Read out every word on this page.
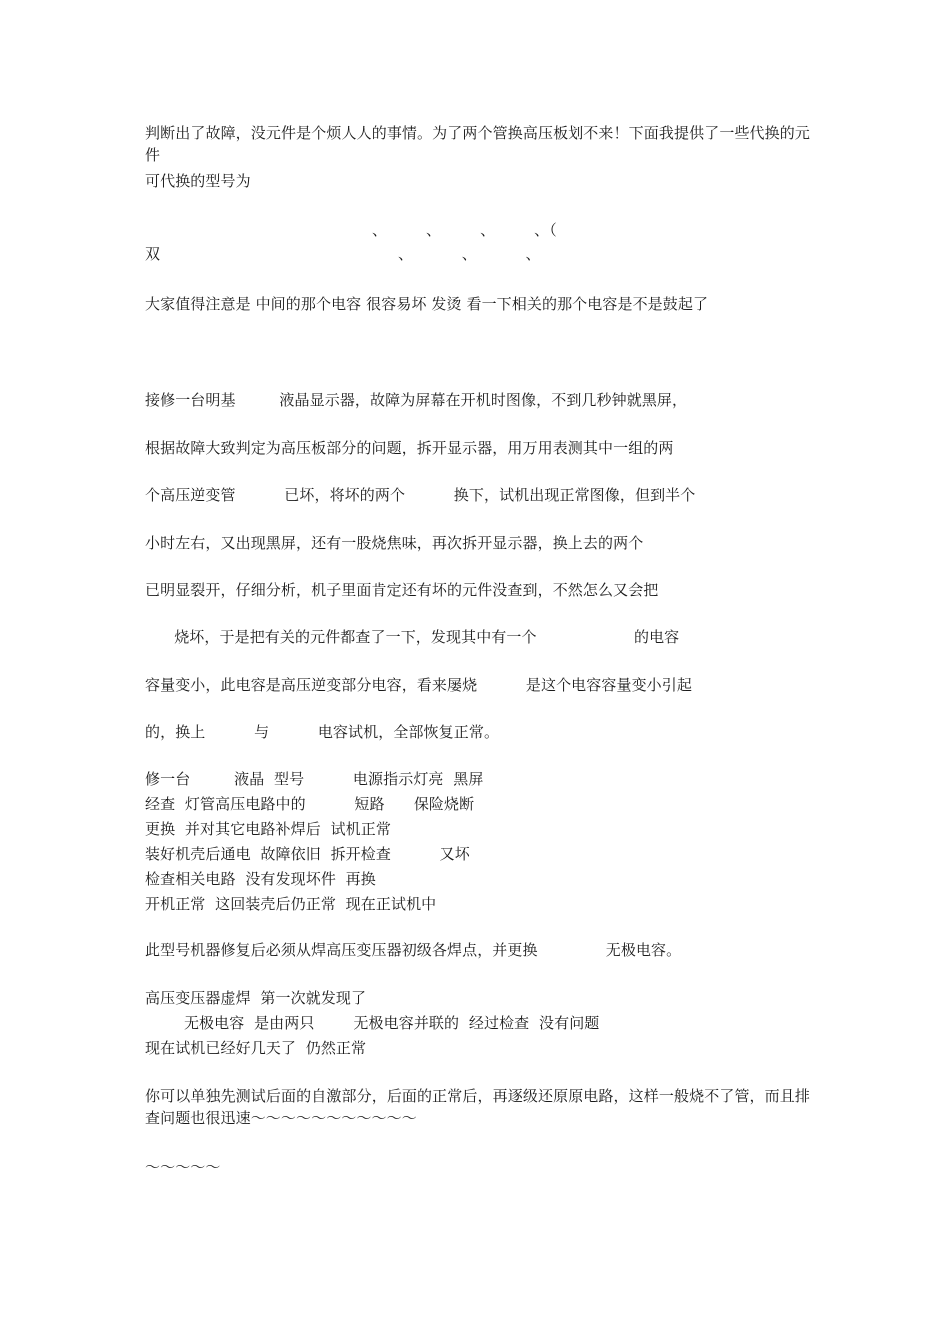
判断出了故障，没元件是个烦人人的事情。为了两个管换高压板划不来！下面我提供了一些代换的元件
可代换的型号为
、        、        、        、（
双	、          、          、
大家值得注意是 中间的那个电容 很容易坏 发烫 看一下相关的那个电容是不是鼓起了
接修一台明基         液晶显示器，故障为屏幕在开机时图像，不到几秒钟就黑屏，
根据故障大致判定为高压板部分的问题，拆开显示器，用万用表测其中一组的两
个高压逆变管          已坏，将坏的两个          换下，试机出现正常图像，但到半个
小时左右，又出现黑屏，还有一股烧焦味，再次拆开显示器，换上去的两个
已明显裂开，仔细分析，机子里面肯定还有坏的元件没查到，不然怎么又会把
烧坏，于是把有关的元件都查了一下，发现其中有一个                    的电容
容量变小，此电容是高压逆变部分电容，看来屡烧          是这个电容容量变小引起
的，换上          与          电容试机，全部恢复正常。
修一台         液晶  型号          电源指示灯亮  黑屏
经查  灯管高压电路中的          短路      保险烧断
更换  并对其它电路补焊后  试机正常
装好机壳后通电  故障依旧  拆开检查          又坏
检查相关电路  没有发现坏件  再换
开机正常  这回装壳后仍正常  现在正试机中
此型号机器修复后必须从焊高压变压器初级各焊点，并更换              无极电容。
高压变压器虚焊  第一次就发现了
无极电容  是由两只        无极电容并联的  经过检查  没有问题
现在试机已经好几天了  仍然正常
你可以单独先测试后面的自激部分，后面的正常后，再逐级还原原电路，这样一般烧不了管，而且排查问题也很迅速～～～～～～～～～～～
～～～～～
